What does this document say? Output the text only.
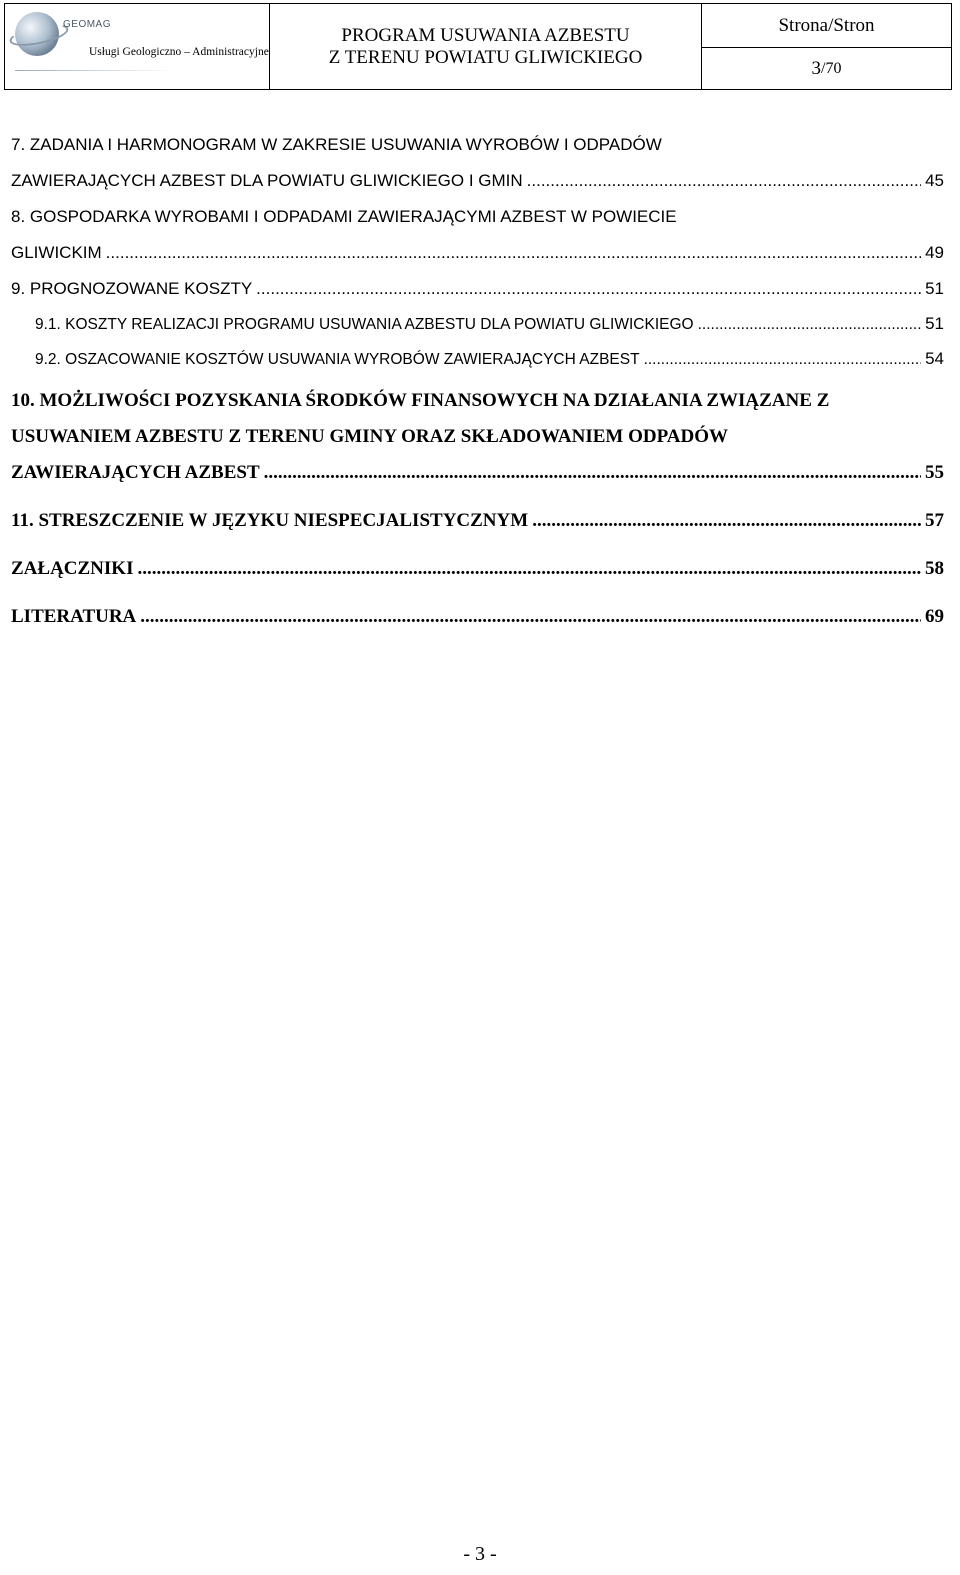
GEOMAG
Usługi Geologiczno – Administracyjne
PROGRAM USUWANIA AZBESTU
Z TERENU POWIATU GLIWICKIEGO
Strona/Stron
3 /70
7. ZADANIA I HARMONOGRAM W ZAKRESIE USUWANIA WYROBÓW I ODPADÓW
ZAWIERAJĄCYCH AZBEST DLA POWIATU GLIWICKIEGO I GMIN .....	45
8. GOSPODARKA WYROBAMI I ODPADAMI ZAWIERAJĄCYMI AZBEST W POWIECIE
GLIWICKIM .....	49
9. PROGNOZOWANE KOSZTY .....	51
9.1. KOSZTY REALIZACJI PROGRAMU USUWANIA AZBESTU DLA POWIATU GLIWICKIEGO .....	51
9.2. OSZACOWANIE KOSZTÓW USUWANIA WYROBÓW ZAWIERAJĄCYCH AZBEST .....	54
10. MOŻLIWOŚCI POZYSKANIA ŚRODKÓW FINANSOWYCH NA DZIAŁANIA ZWIĄZANE Z
USUWANIEM AZBESTU Z TERENU GMINY ORAZ SKŁADOWANIEM ODPADÓW
ZAWIERAJĄCYCH AZBEST .....	55
11. STRESZCZENIE W JĘZYKU NIESPECJALISTYCZNYM .....	57
ZAŁĄCZNIKI .....	58
LITERATURA .....	69
- 3 -
